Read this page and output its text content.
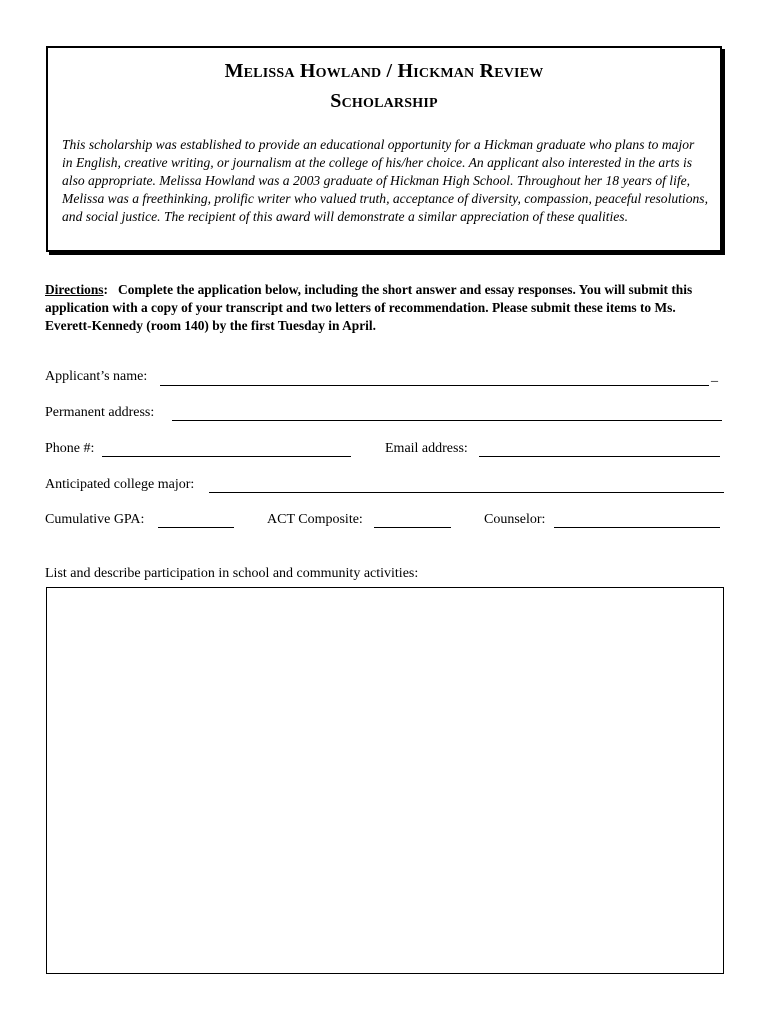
Melissa Howland / Hickman Review
Scholarship
This scholarship was established to provide an educational opportunity for a Hickman graduate who plans to major in English, creative writing, or journalism at the college of his/her choice. An applicant also interested in the arts is also appropriate. Melissa Howland was a 2003 graduate of Hickman High School. Throughout her 18 years of life, Melissa was a freethinking, prolific writer who valued truth, acceptance of diversity, compassion, peaceful resolutions, and social justice. The recipient of this award will demonstrate a similar appreciation of these qualities.
Directions:   Complete the application below, including the short answer and essay responses. You will submit this application with a copy of your transcript and two letters of recommendation. Please submit these items to Ms. Everett-Kennedy (room 140) by the first Tuesday in April.
Applicant’s name:	_
Permanent address:
Phone #:	Email address:
Anticipated college major:
Cumulative GPA:	ACT Composite:	Counselor:
List and describe participation in school and community activities:
